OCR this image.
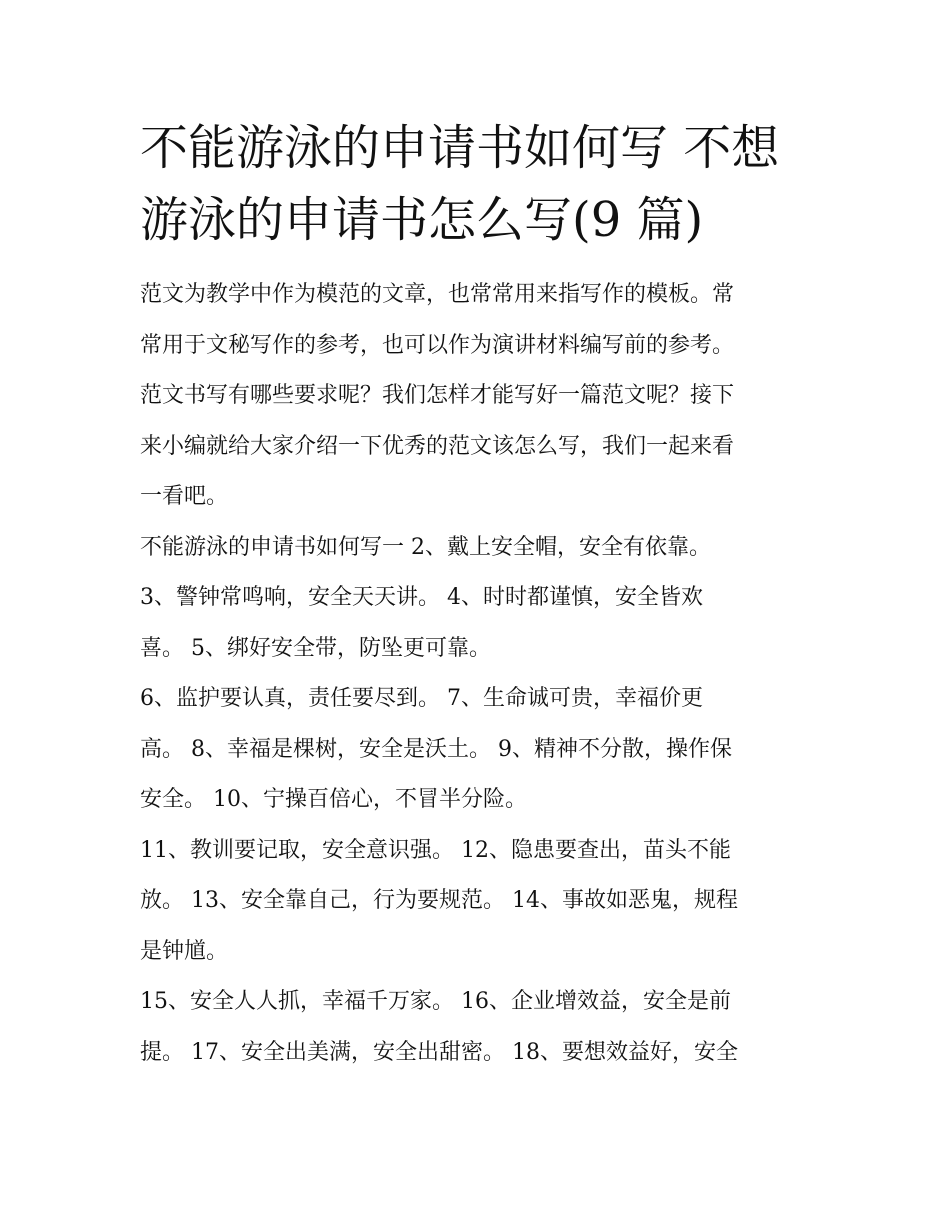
不能游泳的申请书如何写 不想
游泳的申请书怎么写(9 篇)

范文为教学中作为模范的文章，也常常用来指写作的模板。常
常用于文秘写作的参考，也可以作为演讲材料编写前的参考。
范文书写有哪些要求呢？我们怎样才能写好一篇范文呢？接下
来小编就给大家介绍一下优秀的范文该怎么写，我们一起来看
一看吧。

不能游泳的申请书如何写一 2、戴上安全帽，安全有依靠。

3、警钟常鸣响，安全天天讲。 4、时时都谨慎，安全皆欢
喜。 5、绑好安全带，防坠更可靠。

6、监护要认真，责任要尽到。 7、生命诚可贵，幸福价更
高。 8、幸福是棵树，安全是沃土。 9、精神不分散，操作保
安全。 10、宁操百倍心，不冒半分险。

11、教训要记取，安全意识强。 12、隐患要查出，苗头不能
放。 13、安全靠自己，行为要规范。 14、事故如恶鬼，规程
是钟馗。

15、安全人人抓，幸福千万家。 16、企业增效益，安全是前
提。 17、安全出美满，安全出甜密。 18、要想效益好，安全
